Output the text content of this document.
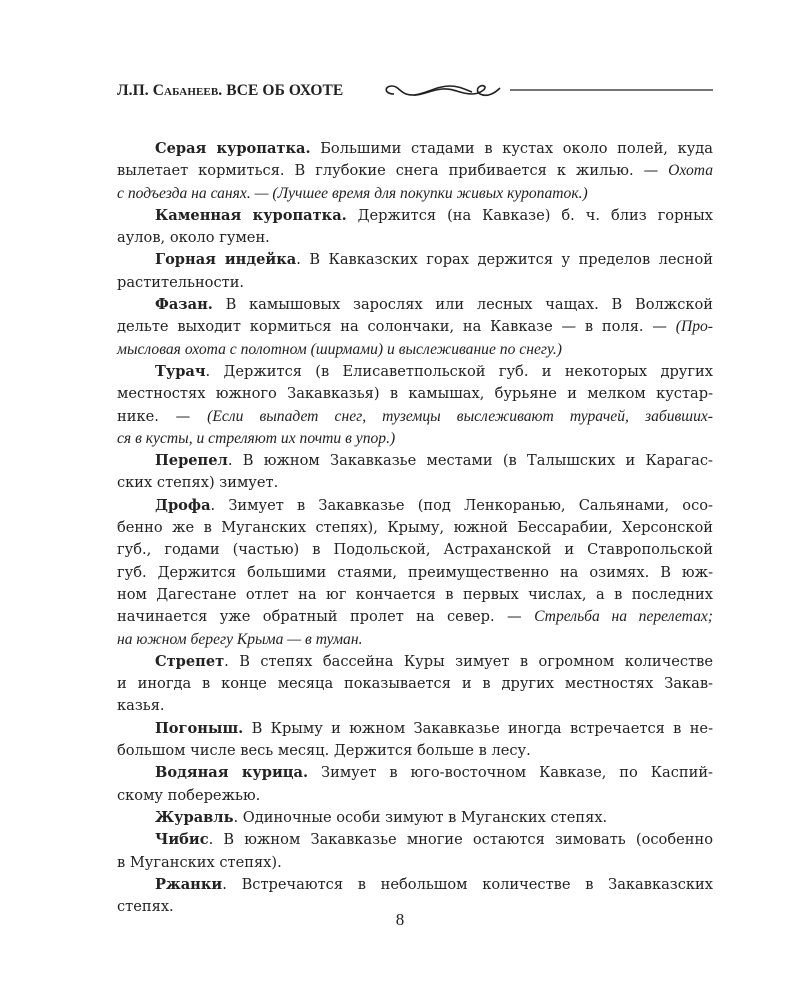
Л.П. Сабанеев. ВСЕ ОБ ОХОТЕ
Серая куропатка. Большими стадами в кустах около полей, куда
вылетает кормиться. В глубокие снега прибивается к жилью. — Охота
с подъезда на санях. — (Лучшее время для покупки живых куропаток.)
Каменная куропатка. Держится (на Кавказе) б. ч. близ горных
аулов, около гумен.
Горная индейка. В Кавказских горах держится у пределов лесной
растительности.
Фазан. В камышовых зарослях или лесных чащах. В Волжской
дельте выходит кормиться на солончаки, на Кавказе — в поля. — (Про-
мысловая охота с полотном (ширмами) и выслеживание по снегу.)
Турач. Держится (в Елисаветпольской губ. и некоторых других
местностях южного Закавказья) в камышах, бурьяне и мелком кустар-
нике. — (Если выпадет снег, туземцы выслеживают турачей, забивших-
ся в кусты, и стреляют их почти в упор.)
Перепел. В южном Закавказье местами (в Талышских и Карагас-
ских степях) зимует.
Дрофа. Зимует в Закавказье (под Ленкоранью, Сальянами, осо-
бенно же в Муганских степях), Крыму, южной Бессарабии, Херсонской
губ., годами (частью) в Подольской, Астраханской и Ставропольской
губ. Держится большими стаями, преимущественно на озимях. В юж-
ном Дагестане отлет на юг кончается в первых числах, а в последних
начинается уже обратный пролет на север. — Стрельба на перелетах;
на южном берегу Крыма — в туман.
Стрепет. В степях бассейна Куры зимует в огромном количестве
и иногда в конце месяца показывается и в других местностях Закав-
казья.
Погоныш. В Крыму и южном Закавказье иногда встречается в не-
большом числе весь месяц. Держится больше в лесу.
Водяная курица. Зимует в юго-восточном Кавказе, по Каспий-
скому побережью.
Журавль. Одиночные особи зимуют в Муганских степях.
Чибис. В южном Закавказье многие остаются зимовать (особенно
в Муганских степях).
Ржанки. Встречаются в небольшом количестве в Закавказских
степях.
8
